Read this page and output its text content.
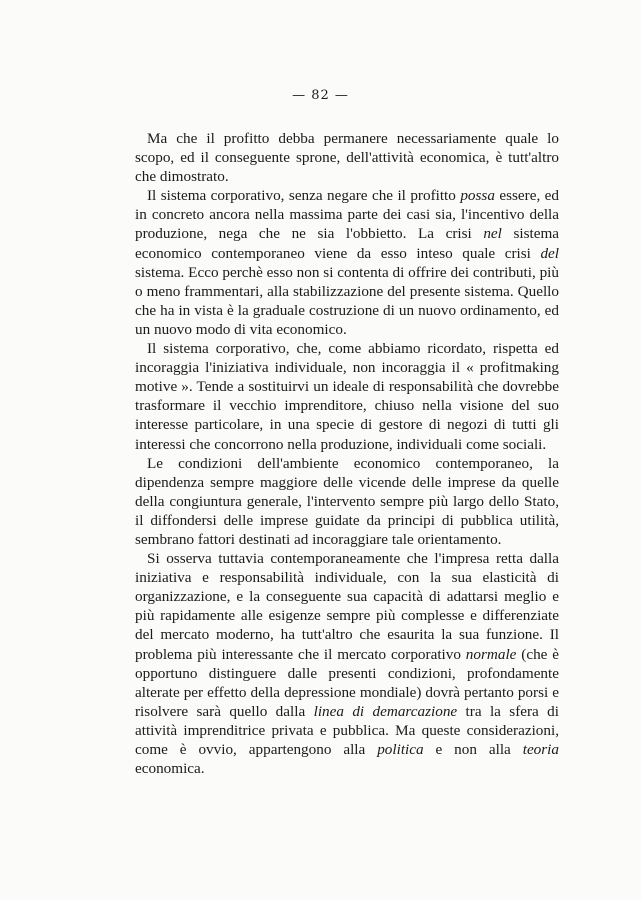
— 82 —

Ma che il profitto debba permanere necessariamente quale lo scopo, ed il conseguente sprone, dell'attività economica, è tutt'altro che dimostrato.

Il sistema corporativo, senza negare che il profitto possa essere, ed in concreto ancora nella massima parte dei casi sia, l'incentivo della produzione, nega che ne sia l'obbietto. La crisi nel sistema economico contemporaneo viene da esso inteso quale crisi del sistema. Ecco perchè esso non si contenta di offrire dei contributi, più o meno frammentari, alla stabilizzazione del presente sistema. Quello che ha in vista è la graduale costruzione di un nuovo ordinamento, ed un nuovo modo di vita economico.

Il sistema corporativo, che, come abbiamo ricordato, rispetta ed incoraggia l'iniziativa individuale, non incoraggia il « profitmaking motive ». Tende a sostituirvi un ideale di responsabilità che dovrebbe trasformare il vecchio imprenditore, chiuso nella visione del suo interesse particolare, in una specie di gestore di negozi di tutti gli interessi che concorrono nella produzione, individuali come sociali.

Le condizioni dell'ambiente economico contemporaneo, la dipendenza sempre maggiore delle vicende delle imprese da quelle della congiuntura generale, l'intervento sempre più largo dello Stato, il diffondersi delle imprese guidate da principi di pubblica utilità, sembrano fattori destinati ad incoraggiare tale orientamento.

Si osserva tuttavia contemporaneamente che l'impresa retta dalla iniziativa e responsabilità individuale, con la sua elasticità di organizzazione, e la conseguente sua capacità di adattarsi meglio e più rapidamente alle esigenze sempre più complesse e differenziate del mercato moderno, ha tutt'altro che esaurita la sua funzione. Il problema più interessante che il mercato corporativo normale (che è opportuno distinguere dalle presenti condizioni, profondamente alterate per effetto della depressione mondiale) dovrà pertanto porsi e risolvere sarà quello dalla linea di demarcazione tra la sfera di attività imprenditrice privata e pubblica. Ma queste considerazioni, come è ovvio, appartengono alla politica e non alla teoria economica.
